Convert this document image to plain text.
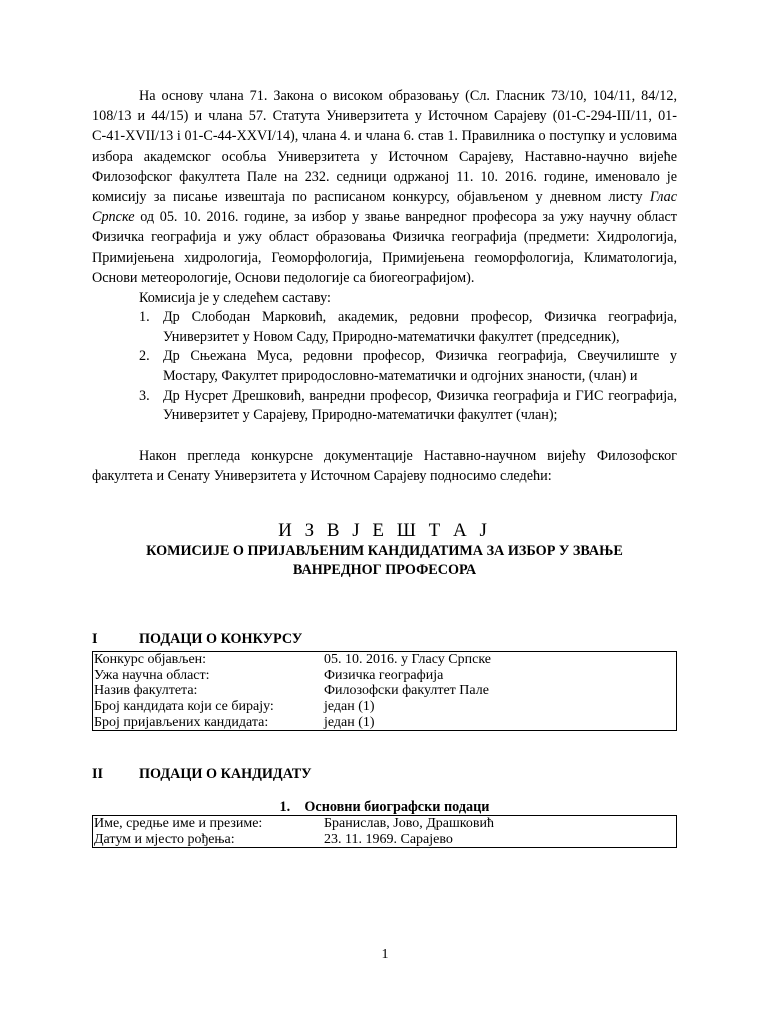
На основу члана 71. Закона о високом образовању (Сл. Гласник 73/10, 104/11, 84/12, 108/13 и 44/15) и члана 57. Статута Универзитета у Источном Сарајеву (01-С-294-III/11, 01-С-41-XVII/13 і 01-С-44-XXVI/14), члана 4. и члана 6. став 1. Правилника о поступку и условима избора академског особља Универзитета у Источном Сарајеву, Наставно-научно вијеће Филозофског факултета Пале на 232. седници одржаној 11. 10. 2016. године, именовало је комисију за писање извештаја по расписаном конкурсу, објављеном у дневном листу Глас Српске од 05. 10. 2016. године, за избор у звање ванредног професора за ужу научну област Физичка географија и ужу област образовања Физичка географија (предмети: Хидрологија, Примијењена хидрологија, Геоморфологија, Примијењена геоморфологија, Климатологија, Основи метеорологије, Основи педологије са биогеографијом).

Комисија је у следећем саставу:

1. Др Слободан Марковић, академик, редовни професор, Физичка географија, Универзитет у Новом Саду, Природно-математички факултет (председник),
2. Др Сњежана Муса, редовни професор, Физичка географија, Свеучилиште у Мостару, Факултет природословно-математички и одгојних знаности, (члан) и
3. Др Нусрет Дрешковић, ванредни професор, Физичка географија и ГИС географија, Универзитет у Сарајеву, Природно-математички факултет (члан);

Након прегледа конкурсне документације Наставно-научном вијећу Филозофског факултета и Сенату Универзитета у Источном Сарајеву подносимо следећи:

И З В Ј Е Ш Т А Ј
КОМИСИЈЕ О ПРИЈАВЉЕНИМ КАНДИДАТИМА ЗА ИЗБОР У ЗВАЊЕ
ВАНРЕДНОГ ПРОФЕСОРА
I	ПОДАЦИ О КОНКУРСУ
Конкурс објављен:	05. 10. 2016. у Гласу Српске
Ужа научна област:	Физичка географија
Назив факултета:	Филозофски факултет Пале
Број кандидата који се бирају:	један (1)
Број пријављених кандидата:	један (1)
II	ПОДАЦИ О КАНДИДАТУ
1.    Основни биографски подаци
Име, средње име и презиме:	Бранислав, Јово, Драшковић
Датум и мјесто рођења:	23. 11. 1969. Сарајево
1
